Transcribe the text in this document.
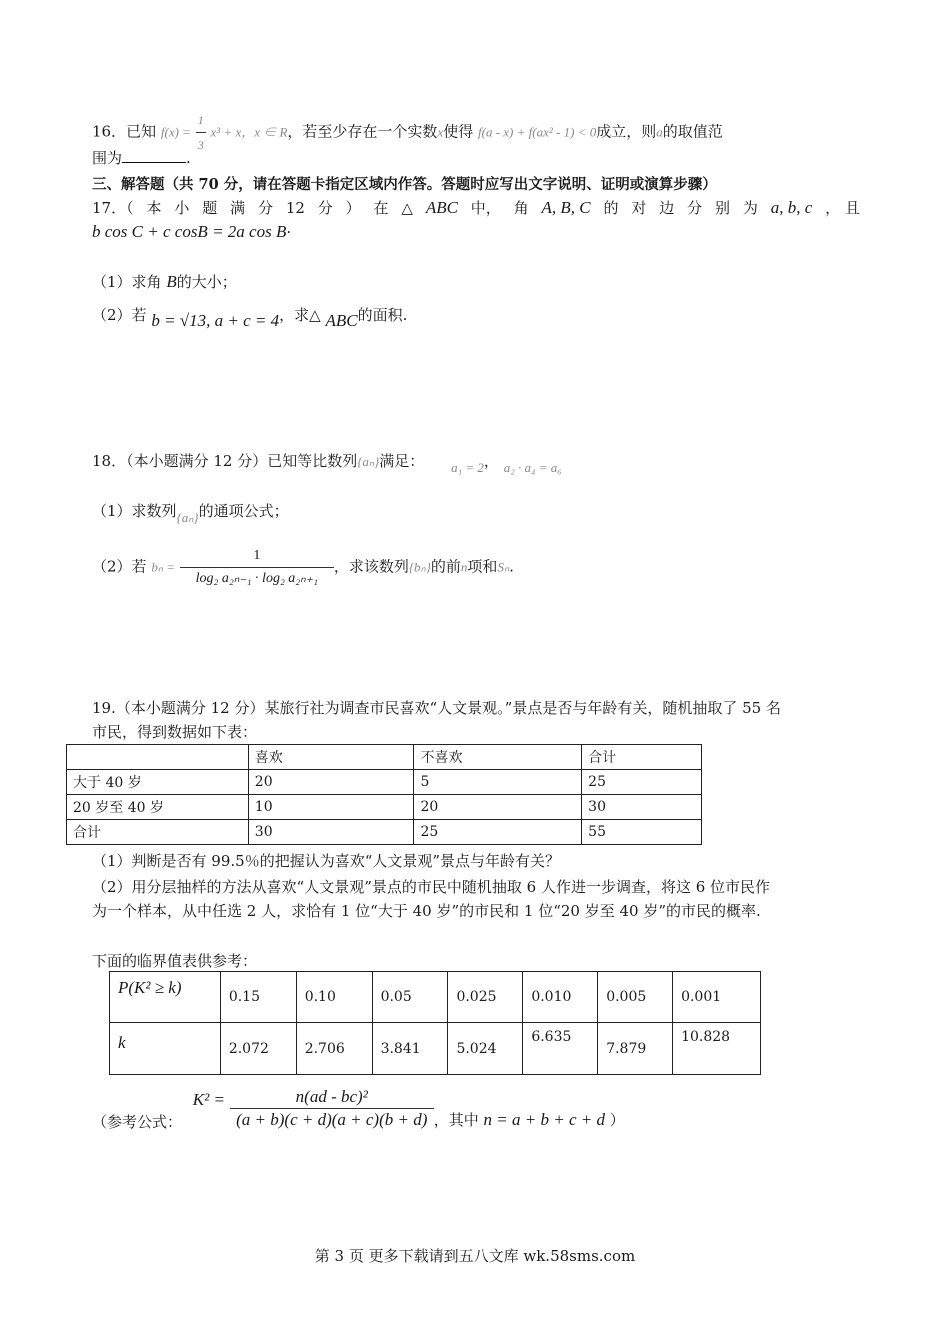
16．已知 $f(x) = \frac{1}{3} x^3 + x$，x ∈ R，若至少存在一个实数x使得 f(a - x) + f(ax² - 1) < 0成立，则a的取值范
围为	.
三、解答题（共 70 分，请在答题卡指定区域内作答。答题时应写出文字说明、证明或演算步骤）
17．（ 本 小 题 满 分 12 分 ） 在 △ ABC 中， 角 A, B, C 的 对 边 分 别 为 a, b, c ， 且
b cos C + c cosB = 2a cos B·
（1）求角 B的大小；
（2）若 b = √13, a + c = 4，求△ ABC的面积.
18．（本小题满分 12 分）已知等比数列{aₙ}满足： a₁ = 2， a₂ · a₄ = a₆
（1）求数列{aₙ}的通项公式；
（2）若 $b_n = \frac{1}{\text{log₂ a₂ₙ₋₁ · log₂ a₂ₙ₊₁}}$ ，求该数列{bₙ}的前n项和Sₙ.
19.（本小题满分 12 分）某旅行社为调查市民喜欢“人文景观。”景点是否与年龄有关，随机抽取了 55 名
市民，得到数据如下表：
	喜欢	不喜欢	合计
大于 40 岁	20	5	25
20 岁至 40 岁	10	20	30
合计	30	25	55
（1）判断是否有 99.5％的把握认为喜欢“人文景观”景点与年龄有关？
（2）用分层抽样的方法从喜欢“人文景观”景点的市民中随机抽取 6 人作进一步调查，将这 6 位市民作
为一个样本，从中任选 2 人，求恰有 1 位“大于 40 岁”的市民和 1 位“20 岁至 40 岁”的市民的概率.
下面的临界值表供参考：
P(K² ≥ k)	0.15	0.10	0.05	0.025	0.010	0.005	0.001
k	2.072	2.706	3.841	5.024	6.635	7.879	10.828
（参考公式： $K^2 = \frac{\text{n(ad - bc)²}}{(a + b)(c + d)(a + c)(b + d)}$ ，其中 n = a + b + c + d ）
第 3 页 更多下载请到五八文库 wk.58sms.com
